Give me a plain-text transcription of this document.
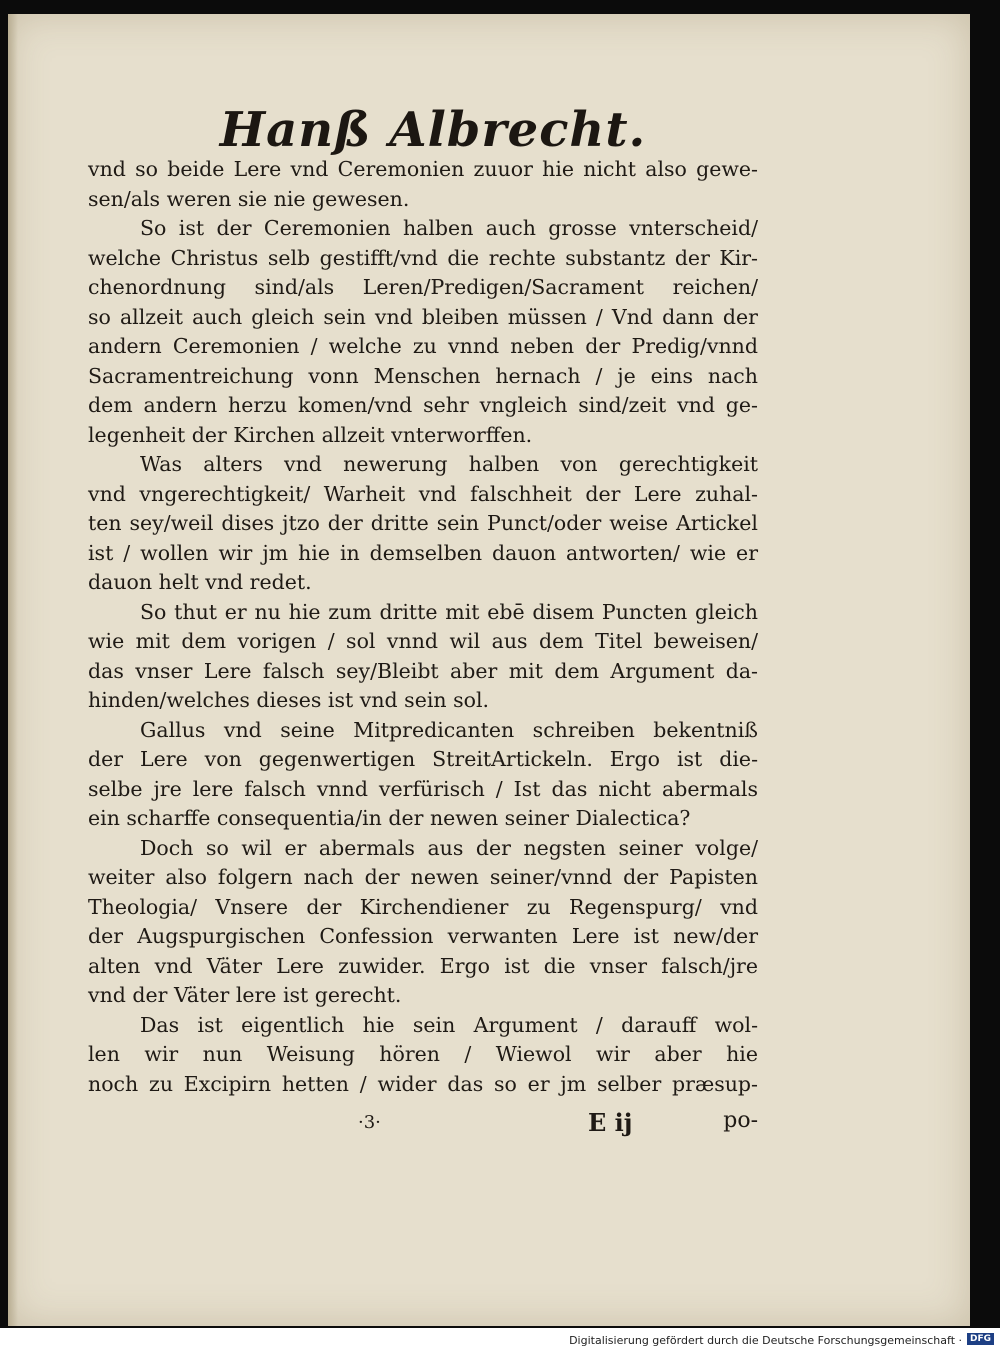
Hanß Albrecht.
vnd so beide Lere vnd Ceremonien zuuor hie nicht also gewe-
sen/als weren sie nie gewesen.
So ist der Ceremonien halben auch grosse vnterscheid/
welche Christus selb gestifft/vnd die rechte substantz der Kir-
chenordnung sind/als Leren/Predigen/Sacrament reichen/
so allzeit auch gleich sein vnd bleiben müssen / Vnd dann der
andern Ceremonien / welche zu vnnd neben der Predig/vnnd
Sacramentreichung vonn Menschen hernach / je eins nach
dem andern herzu komen/vnd sehr vngleich sind/zeit vnd ge-
legenheit der Kirchen allzeit vnterworffen.
Was alters vnd newerung halben von gerechtigkeit
vnd vngerechtigkeit/ Warheit vnd falschheit der Lere zuhal-
ten sey/weil dises jtzo der dritte sein Punct/oder weise Artickel
ist / wollen wir jm hie in demselben dauon antworten/ wie er
dauon helt vnd redet.
So thut er nu hie zum dritte mit ebē disem Puncten gleich
wie mit dem vorigen / sol vnnd wil aus dem Titel beweisen/
das vnser Lere falsch sey/Bleibt aber mit dem Argument da-
hinden/welches dieses ist vnd sein sol.
Gallus vnd seine Mitpredicanten schreiben bekentniß
der Lere von gegenwertigen StreitArtickeln. Ergo ist die-
selbe jre lere falsch vnnd verfürisch / Ist das nicht abermals
ein scharffe consequentia/in der newen seiner Dialectica?
Doch so wil er abermals aus der negsten seiner volge/
weiter also folgern nach der newen seiner/vnnd der Papisten
Theologia/ Vnsere der Kirchendiener zu Regenspurg/ vnd
der Augspurgischen Confession verwanten Lere ist new/der
alten vnd Väter Lere zuwider. Ergo ist die vnser falsch/jre
vnd der Väter lere ist gerecht.
Das ist eigentlich hie sein Argument / darauff wol-
len wir nun Weisung hören / Wiewol wir aber hie
noch zu Excipirn hetten / wider das so er jm selber præsup-
·3·	E ij	po-
Digitalisierung gefördert durch die Deutsche Forschungsgemeinschaft · DFG
